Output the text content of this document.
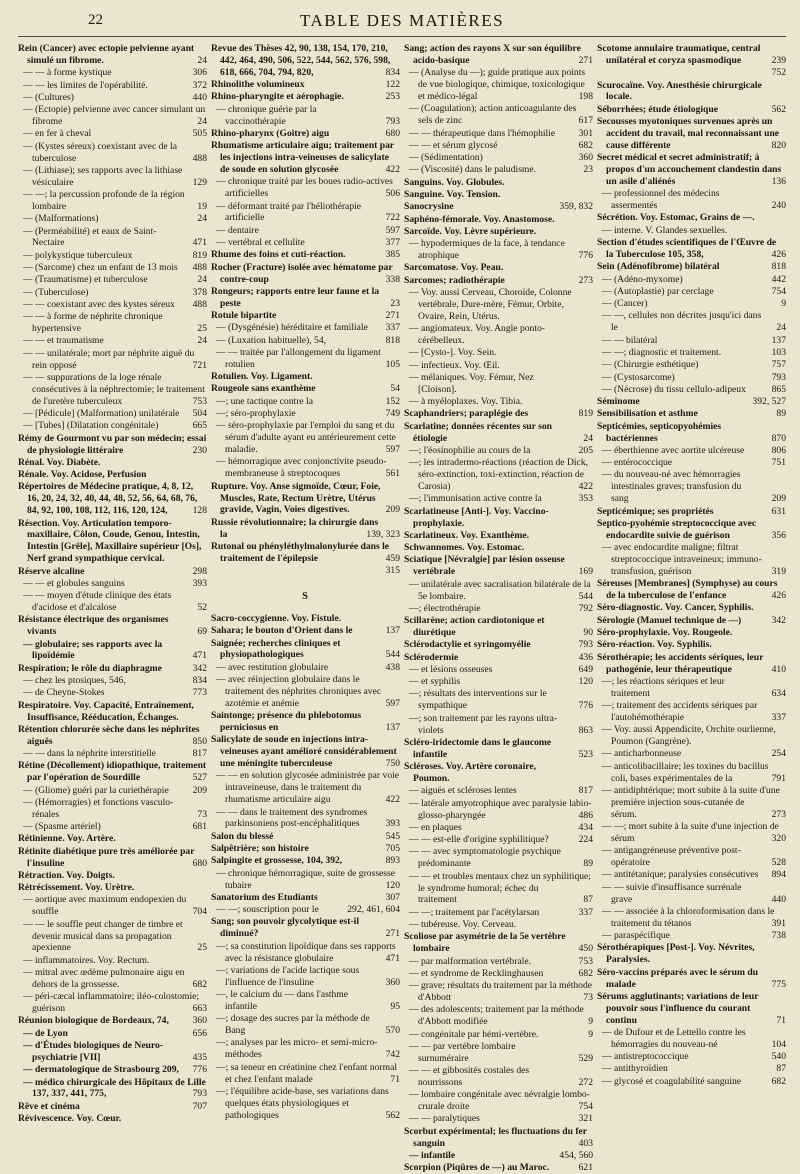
22	TABLE DES MATIÈRES
Rein (Cancer) avec ectopie pelvienne ayant simulé un fibrome.	24
— — à forme kystique	306
— — les limites de l'opérabilité.	372
— (Cultures)	440
— (Ectopie) pelvienne avec cancer simulant un fibrome	24
— en fer à cheval	505
— (Kystes séreux) coexistant avec de la tuberculose	488
— (Lithiase); ses rapports avec la lithiase vésiculaire	129
— —; la percussion profonde de la région lombaire	19
— (Malformations)	24
— (Perméabilité) et eaux de Saint-Nectaire	471
— polykystique tuberculeux	819
— (Sarcome) chez un enfant de 13 mois	488
— (Traumatisme) et tuberculose	24
— (Tuberculose)	378
— — coexistant avec des kystes séreux	488
— — à forme de néphrite chronique hypertensive	25
— — et traumatisme	24
— — unilatérale; mort par néphrite aiguë du rein opposé	721
— — suppurations de la loge rénale consécutives à la néphrectomie; le traitement de l'uretère tuberculeux	753
— [Pédicule] (Malformation) unilatérale	504
— [Tubes] (Dilatation congénitale)	665
Rémy de Gourmont vu par son médecin; essai de physiologie littéraire	230
Rénal. Voy. Diabète.
Rénale. Voy. Acidose, Perfusion
Répertoires de Médecine pratique, 4, 8, 12, 16, 20, 24, 32, 40, 44, 48, 52, 56, 64, 68, 76, 84, 92, 100, 108, 112, 116, 120, 124,	128
Résection. Voy. Articulation temporo-maxillaire, Côlon, Coude, Genou, Intestin, Intestin [Grêle], Maxillaire supérieur [Os], Nerf grand sympathique cervical.
Réserve alcaline	298
— — et globules sanguins	393
— — moyen d'étude clinique des états d'acidose et d'alcalose	52
Résistance électrique des organismes vivants	69
— globulaire; ses rapports avec la lipoïdémie	471
Respiration; le rôle du diaphragme	342
— chez les ptosiques, 546,	834
— de Cheyne-Stokes	773
Respiratoire. Voy. Capacité, Entraînement, Insuffisance, Rééducation, Échanges.
Rétention chlorurée sèche dans les néphrites aiguës	850
— — dans la néphrite interstitielle	817
Rétine (Décollement) idiopathique, traitement par l'opération de Sourdille	527
— (Gliome) guéri par la curiethérapie	209
— (Hémorragies) et fonctions vasculo-rénales	73
— (Spasme artériel)	681
Rétinienne. Voy. Artère.
Rétinite diabétique pure très améliorée par l'insuline	680
Rétraction. Voy. Doigts.
Rétrécissement. Voy. Urètre.
— aortique avec maximum endopexien du souffle	704
— — le souffle peut changer de timbre et devenir musical dans sa propagation apexienne	25
— inflammatoires. Voy. Rectum.
— mitral avec œdème pulmonaire aigu en dehors de la grossesse.	682
— péri-cæcal inflammatoire; iléo-colostomie; guérison	663
Réunion biologique de Bordeaux, 74,	360
— de Lyon	656
— d'Études biologiques de Neuro-psychiatrie [VII]	435
— dermatologique de Strasbourg 209,	776
— médico chirurgicale des Hôpitaux de Lille 137, 337, 441, 775,	793
Rêve et cinéma	707
Révivescence. Voy. Cœur.
Revue des Thèses 42, 90, 138, 154, 170, 210, 442, 464, 490, 506, 522, 544, 562, 576, 598, 618, 666, 704, 794, 820,	834
Rhinolithe volumineux	122
Rhino-pharyngite et aérophagie.	253
— chronique guérie par la vaccinothérapie	793
Rhino-pharynx (Goitre) aigu	680
Rhumatisme articulaire aigu; traitement par les injections intra-veineuses de salicylate de soude en solution glycosée	422
— chronique traité par les boues radio-actives artificielles	506
— déformant traité par l'héliothérapie artificielle	722
— dentaire	597
— vertébral et cellulite	377
Rhume des foins et cuti-réaction.	385
Rocher (Fracture) isolée avec hématome par contre-coup	338
Rongeurs; rapports entre leur faune et la peste	23
Rotule bipartite	271
— (Dysgénésie) héréditaire et familiale	337
— (Luxation habituelle), 54,	818
— — traitée par l'allongement du ligament rotulien	105
Rotulien. Voy. Ligament.
Rougeole sans exanthème	54
—; une tactique contre la	152
—; séro-prophylaxie	749
— séro-prophylaxie par l'emploi du sang et du sérum d'adulte ayant eu antérieurement cette maladie.	597
— hémorragique avec conjonctivite pseudo-membraneuse à streptocoques	561
Rupture. Voy. Anse sigmoïde, Cœur, Foie, Muscles, Rate, Rectum Urètre, Utérus gravide, Vagin, Voies digestives.	209
Russie révolutionnaire; la chirurgie dans la	139, 323
Rutonal ou phényléthylmalonylurée dans le traitement de l'épilepsie	459
315
S
Sacro-coccygienne. Voy. Fistule.
Sahara; le bouton d'Orient dans le	137
Saignée; recherches cliniques et physiopathologiques	544
— avec restitution globulaire	438
— avec réinjection globulaire dans le traitement des néphrites chroniques avec azotémie et anémie	597
Saintonge; présence du phlebotomus perniciosus en	137
Salicylate de soude en injections intra-veineuses ayant amélioré considérablement une méningite tuberculeuse	750
— — en solution glycosée administrée par voie intraveineuse, dans le traitement du rhumatisme articulaire aigu	422
— — dans le traitement des syndromes parkinsoniens post-encéphalitiques	393
Salon du blessé	545
Salpêtrière; son histoire	705
Salpingite et grossesse, 104, 392,	893
— chronique hémorragique, suite de grossesse tubaire	120
Sanatorium des Etudiants	307
— —; souscription pour le	292, 461, 604
Sang; son pouvoir glycolytique est-il diminué?	271
—; sa constitution lipoïdique dans ses rapports avec la résistance globulaire	471
—; variations de l'acide lactique sous l'influence de l'insuline	360
—, le calcium du — dans l'asthme infantile	95
—; dosage des sucres par la méthode de Bang	570
—; analyses par les micro- et semi-micro-méthodes	742
—; sa teneur en créatinine chez l'enfant normal et chez l'enfant malade	71
—; l'équilibre acide-base, ses variations dans quelques états physiologiques et pathologiques	562
Sang; action des rayons X sur son équilibre acido-basique	271
— (Analyse du —); guide pratique aux points de vue biologique, chimique, toxicologique et médico-légal	198
— (Coagulation); action anticoagulante des sels de zinc	617
— — thérapeutique dans l'hémophilie	301
— — et sérum glycosé	682
— (Sédimentation)	360
— (Viscosité) dans le paludisme.	23
Sanguins. Voy. Globules.
Sanguine. Voy. Tension.
Sanocrysine	359, 832
Saphéno-fémorale. Voy. Anastomose.
Sarcoïde. Voy. Lèvre supérieure.
— hypodermiques de la face, à tendance atrophique	776
Sarcomatose. Voy. Peau.
Sarcomes; radiothérapie	273
— Voy. aussi Cerveau, Choroïde, Colonne vertébrale, Dure-mère, Fémur, Orbite, Ovaire, Rein, Utérus.
— angiomateux. Voy. Angle ponto-cérébelleux.
— [Cysto-]. Voy. Sein.
— infectieux. Voy. Œil.
— mélaniques. Voy. Fémur, Nez [Cloison].
— à myéloplaxes. Voy. Tibia.
Scaphandriers; paraplégie des	819
Scarlatine; données récentes sur son étiologie	24
—; l'éosinophilie au cours de la	205
—; les intradermo-réactions (réaction de Dick, séro-extinction, toxi-extinction, réaction de Carosia)	422
—; l'immunisation active contre la	353
Scarlatineuse [Anti-]. Voy. Vaccino-prophylaxie.
Scarlatineux. Voy. Exanthème.
Schwannomes. Voy. Estomac.
Sciatique [Névralgie] par lésion osseuse vertébrale	169
— unilatérale avec sacralisation bilatérale de la 5e lombaire.	544
—; électrothérapie	792
Scillarène; action cardiotonique et diurétique	90
Sclérodactylie et syringomyélie	793
Sclérodermie	436
— et lésions osseuses	649
— et syphilis	120
—; résultats des interventions sur le sympathique	776
—; son traitement par les rayons ultra-violets	863
Scléro-iridectomie dans le glaucome infantile	523
Scléroses. Voy. Artère coronaire, Poumon.
— aiguës et scléroses lentes	817
— latérale amyotrophique avec paralysie labio-glosso-pharyngée	486
— en plaques	434
— — est-elle d'origine syphilitique?	224
— — avec symptomatologie psychique prédominante	89
— — et troubles mentaux chez un syphilitique; le syndrome humoral; échec du traitement	87
— —; traitement par l'acétylarsan	337
— tubéreuse. Voy. Cerveau.
Scoliose par asymétrie de la 5e vertèbre lombaire	450
— par malformation vertébrale.	753
— et syndrome de Recklinghausen	682
— grave; résultats du traitement par la méthode d'Abbott	73
— des adolescents; traitement par la méthode d'Abbott modifiée	9
— congénitale par hémi-vertèbre.	9
— — par vertèbre lombaire surnuméraire	529
— — et gibbosités costales des nourrissons	272
— lombaire congénitale avec névralgie lombo-crurale droite	754
— — paralytiques	321
Scorbut expérimental; les fluctuations du fer sanguin	403
— infantile	454, 560
Scorpion (Piqûres de —) au Maroc.	621
Scotome annulaire traumatique, central unilatéral et coryza spasmodique	239
752
Scurocaïne. Voy. Anesthésie chirurgicale locale.
Séborrhées; étude étiologique	562
Secousses myotoniques survenues après un accident du travail, mal reconnaissant une cause différente	820
Secret médical et secret administratif; à propos d'un accouchement clandestin dans un asile d'aliénés	136
— professionnel des médecins assermentés	240
Sécrétion. Voy. Estomac, Grains de —.
— interne. V. Glandes sexuelles.
Section d'études scientifiques de l'Œuvre de la Tuberculose 105, 358,	426
Sein (Adénofibrome) bilatéral	818
— (Adéno-myxome)	442
— (Autoplastie) par cerclage	754
— (Cancer)	9
— —, cellules non décrites jusqu'ici dans le	24
— — bilatéral	137
— —; diagnostic et traitement.	103
— (Chirurgie esthétique)	757
— (Cystosarcome)	793
— (Nécrose) du tissu cellulo-adipeux	865
Séminome	392, 527
Sensibilisation et asthme	89
Septicémies, septicopyohémies bactériennes	870
— éberthienne avec aortite ulcéreuse	806
— entérococcique	751
— du nouveau-né avec hémorragies intestinales graves; transfusion du sang	209
Septicémique; ses propriétés	631
Septico-pyohémie streptococcique avec endocardite suivie de guérison	356
— avec endocardite maligne; filtrat streptococcique intraveineux; immuno-transfusion, guérison	319
Séreuses [Membranes] (Symphyse) au cours de la tuberculose de l'enfance	426
Séro-diagnostic. Voy. Cancer, Syphilis.
Sérologie (Manuel technique de —)	342
Séro-prophylaxie. Voy. Rougeole.
Séro-réaction. Voy. Syphilis.
Sérothérapie; les accidents sériques, leur pathogénie, leur thérapeutique	410
—; les réactions sériques et leur traitement	634
—; traitement des accidents sériques par l'autohémothérapie	337
— Voy. aussi Appendicite, Orchite ourlienne, Poumon (Gangrène).
— anticharbonneuse	254
— anticolibacillaire; les toxines du bacillus coli, bases expérimentales de la	791
— antidiphtérique; mort subite à la suite d'une première injection sous-cutanée de sérum.	273
— —; mort subite à la suite d'une injection de sérum	320
— antigangréneuse préventive post-opératoire	528
— antitétanique; paralysies consécutives	894
— — suivie d'insuffisance surrénale grave	440
— — associée à la chloroformisation dans le traitement du tétanos	391
— paraspécifique	738
Sérothérapiques [Post-]. Voy. Névrites, Paralysies.
Séro-vaccins préparés avec le sérum du malade	775
Sérums agglutinants; variations de leur pouvoir sous l'influence du courant continu	71
— de Dufour et de Lettello contre les hémorragies du nouveau-né	104
— antistreptococcique	540
— antithyroïdien	87
— glycosé et coagulabilité sanguine	682
